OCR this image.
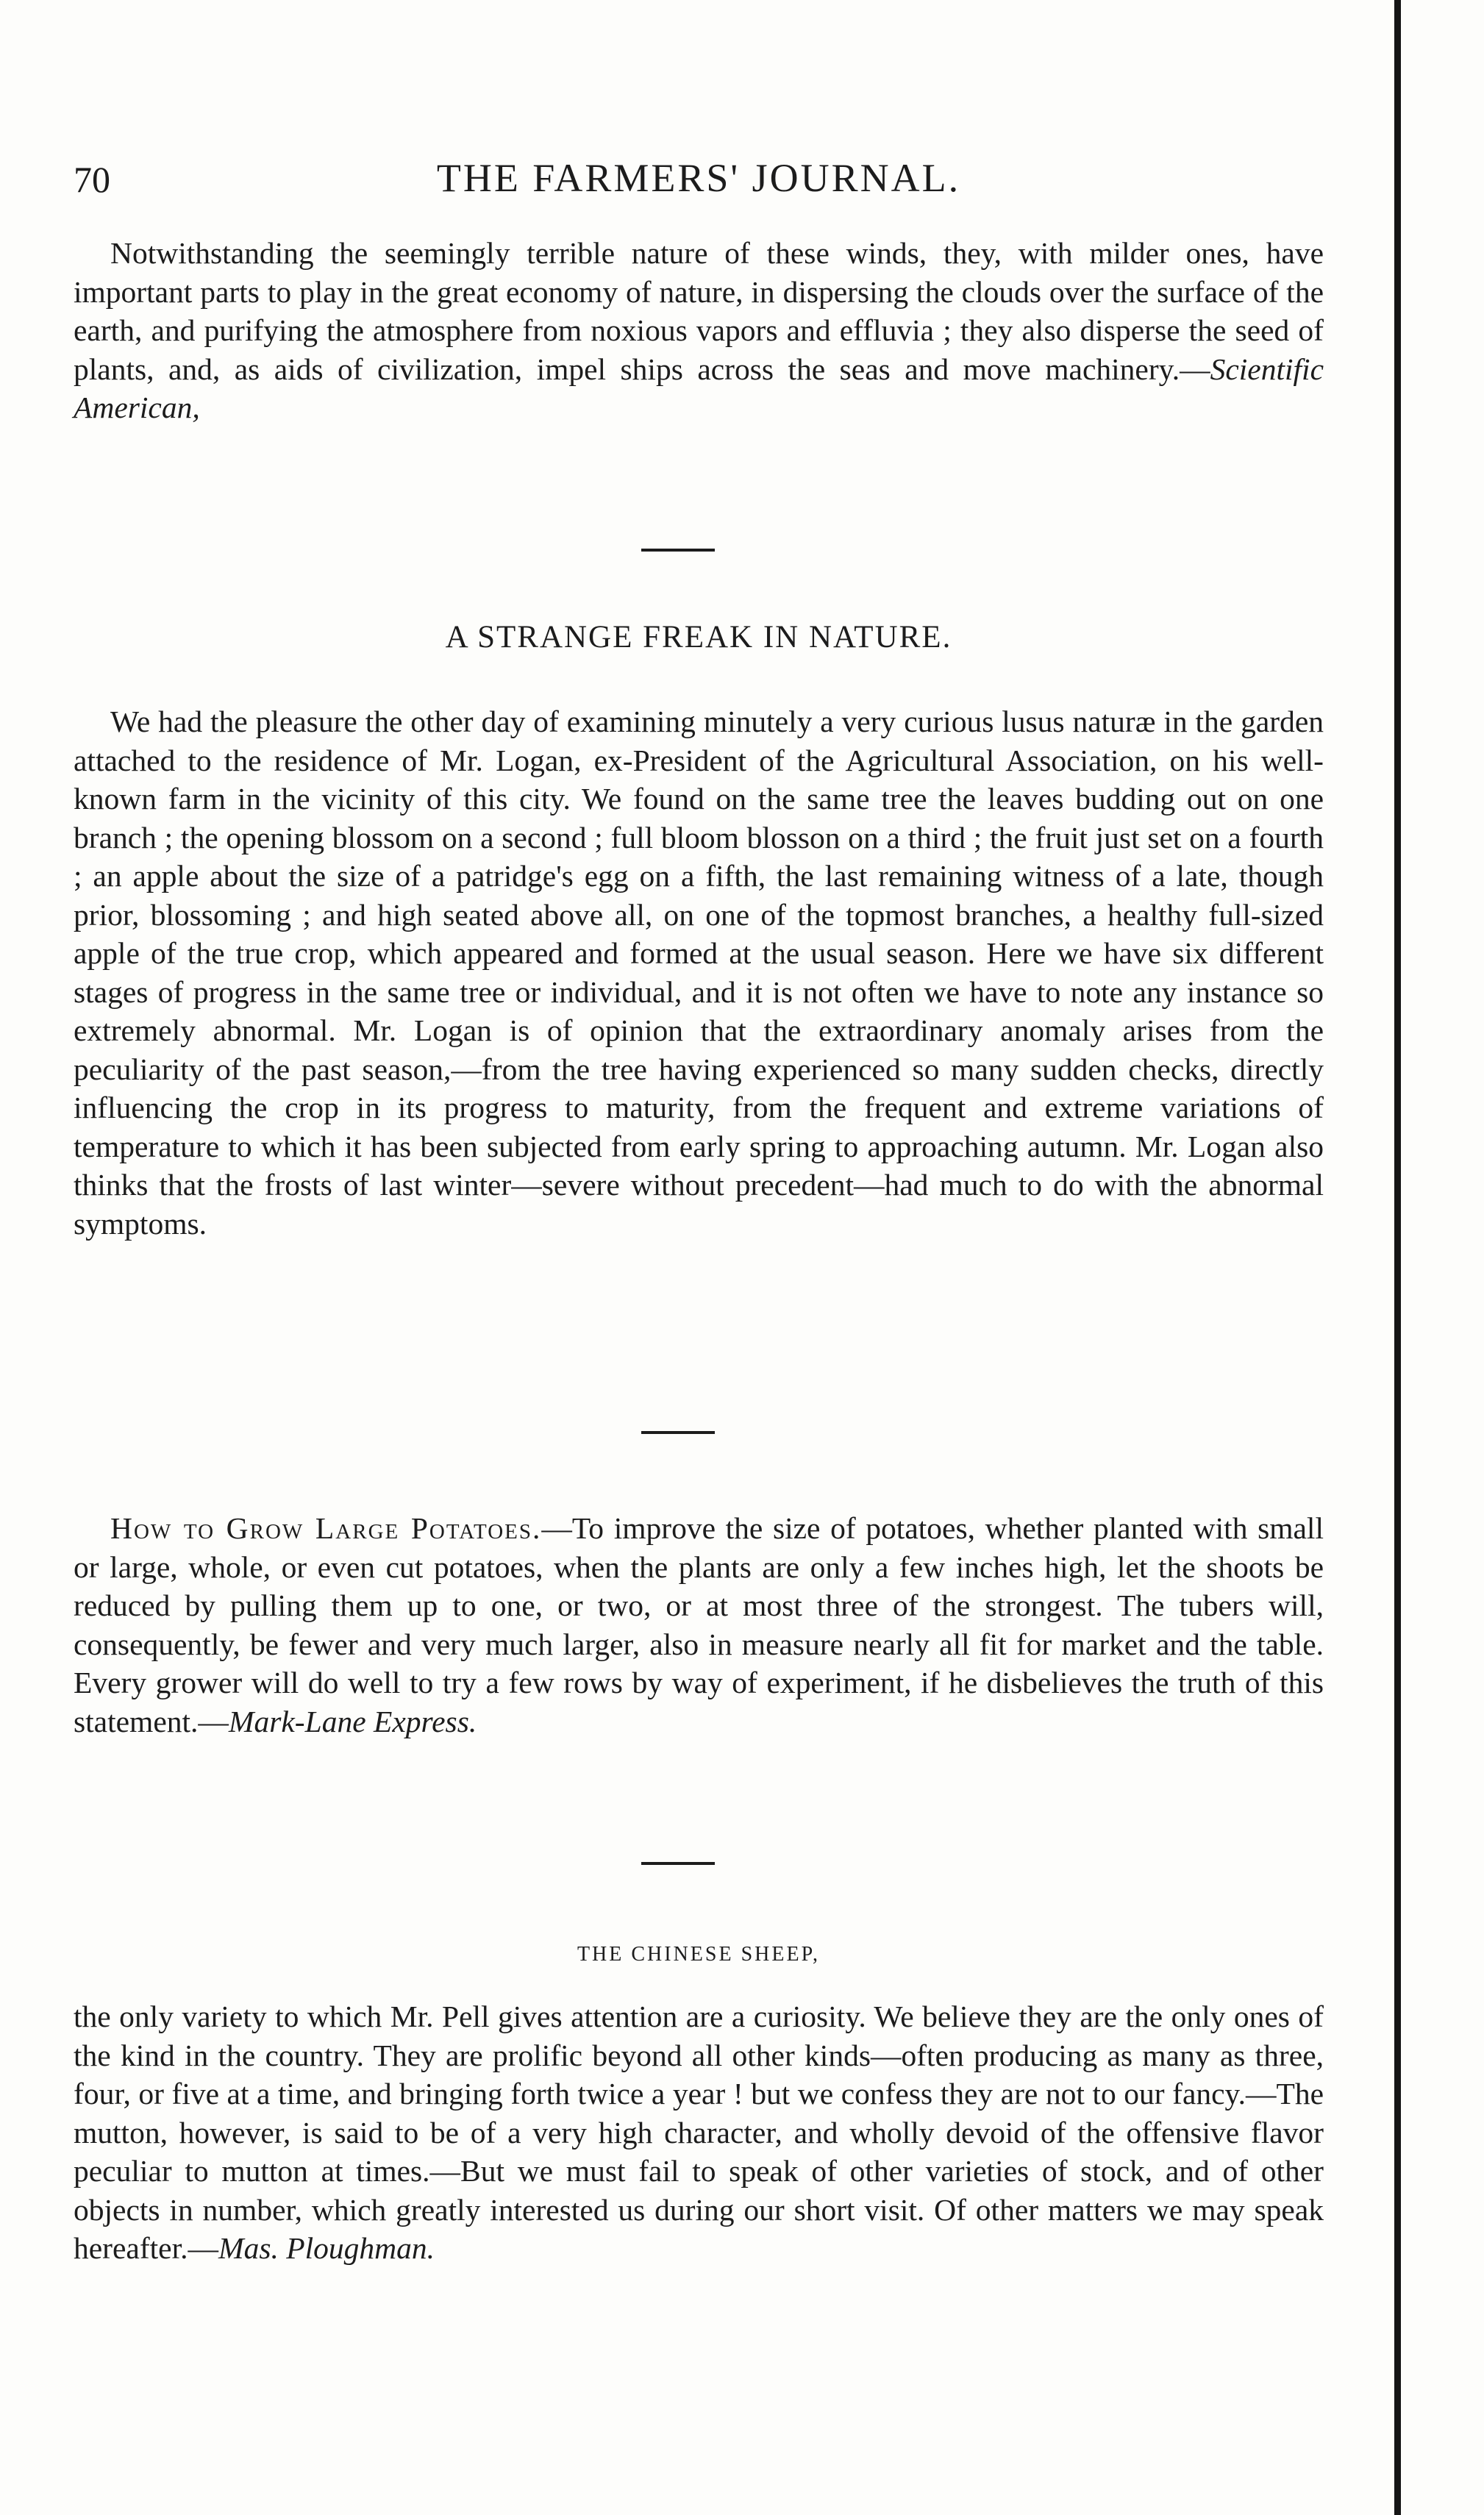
70	THE FARMERS' JOURNAL.

Notwithstanding the seemingly terrible nature of these winds, they, with milder ones, have important parts to play in the great economy of nature, in dispersing the clouds over the surface of the earth, and purifying the atmosphere from noxious vapors and effluvia ; they also disperse the seed of plants, and, as aids of civilization, impel ships across the seas and move machinery.—Scientific American,

A STRANGE FREAK IN NATURE.

We had the pleasure the other day of examining minutely a very curious lusus naturæ in the garden attached to the residence of Mr. Logan, ex-President of the Agricultural Association, on his well-known farm in the vicinity of this city. We found on the same tree the leaves budding out on one branch ; the opening blossom on a second ; full bloom blosson on a third ; the fruit just set on a fourth ; an apple about the size of a patridge's egg on a fifth, the last remaining witness of a late, though prior, blossoming ; and high seated above all, on one of the topmost branches, a healthy full-sized apple of the true crop, which appeared and formed at the usual season. Here we have six different stages of progress in the same tree or individual, and it is not often we have to note any instance so extremely abnormal. Mr. Logan is of opinion that the extraordinary anomaly arises from the peculiarity of the past season,—from the tree having experienced so many sudden checks, directly influencing the crop in its progress to maturity, from the frequent and extreme variations of temperature to which it has been subjected from early spring to approaching autumn. Mr. Logan also thinks that the frosts of last winter—severe without precedent—had much to do with the abnormal symptoms.

How to Grow Large Potatoes.—To improve the size of potatoes, whether planted with small or large, whole, or even cut potatoes, when the plants are only a few inches high, let the shoots be reduced by pulling them up to one, or two, or at most three of the strongest. The tubers will, consequently, be fewer and very much larger, also in measure nearly all fit for market and the table. Every grower will do well to try a few rows by way of experiment, if he disbelieves the truth of this statement.—Mark-Lane Express.

THE CHINESE SHEEP,

the only variety to which Mr. Pell gives attention are a curiosity. We believe they are the only ones of the kind in the country. They are prolific beyond all other kinds—often producing as many as three, four, or five at a time, and bringing forth twice a year ! but we confess they are not to our fancy.—The mutton, however, is said to be of a very high character, and wholly devoid of the offensive flavor peculiar to mutton at times.—But we must fail to speak of other varieties of stock, and of other objects in number, which greatly interested us during our short visit. Of other matters we may speak hereafter.—Mas. Ploughman.
